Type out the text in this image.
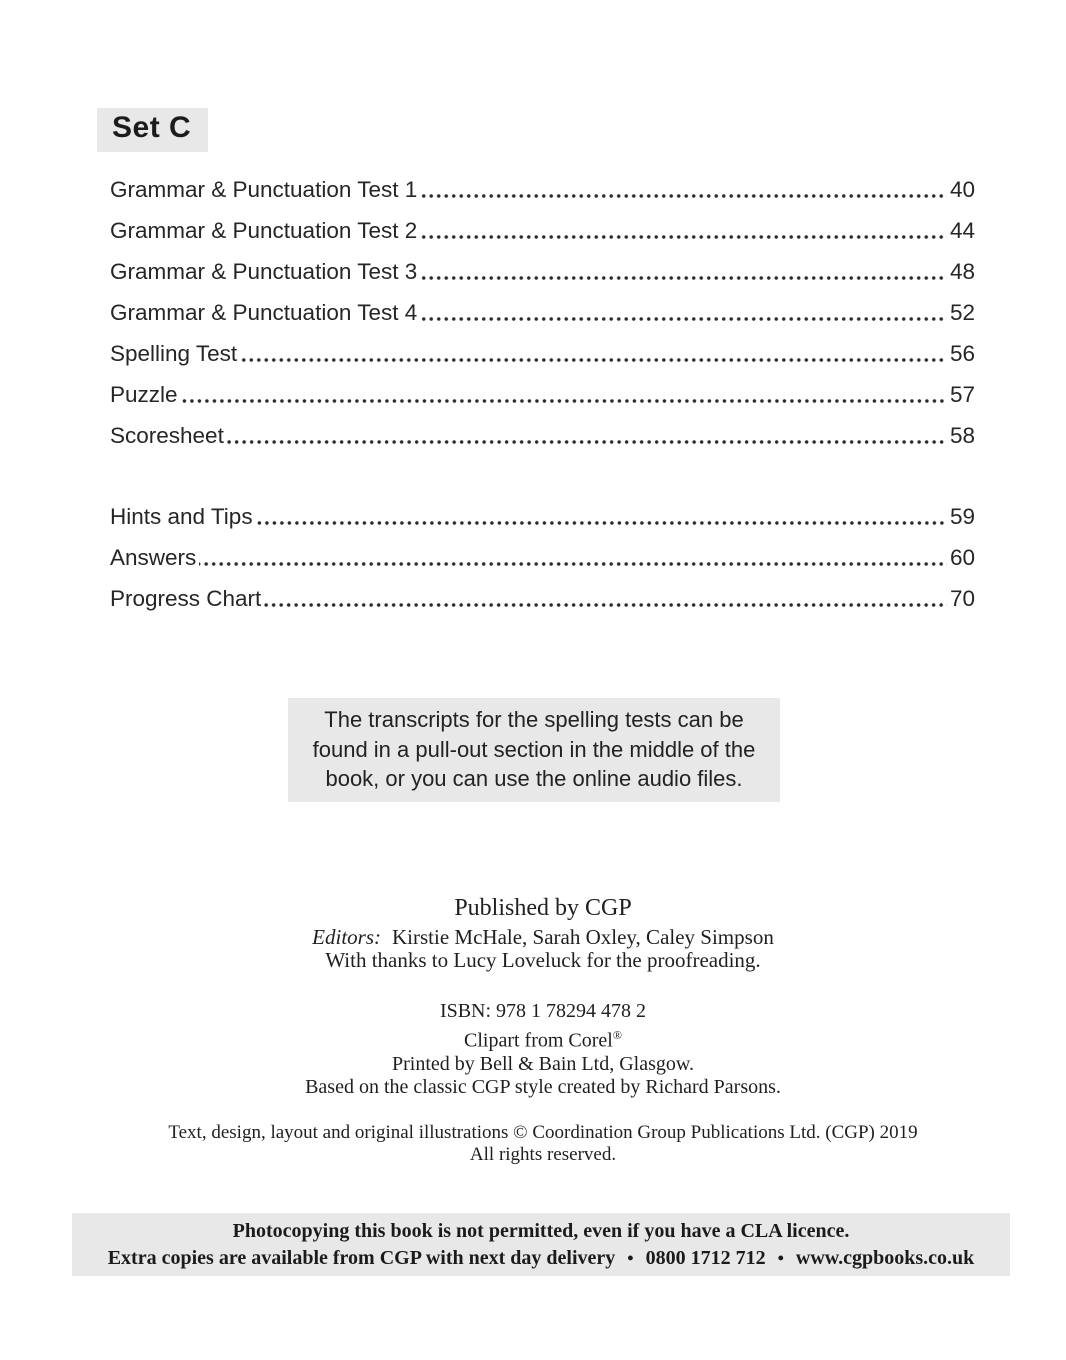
Set C
Grammar & Punctuation Test 1	40
Grammar & Punctuation Test 2	44
Grammar & Punctuation Test 3	48
Grammar & Punctuation Test 4	52
Spelling Test	56
Puzzle	57
Scoresheet	58
Hints and Tips	59
Answers	60
Progress Chart	70
The transcripts for the spelling tests can be
found in a pull-out section in the middle of the
book, or you can use the online audio files.
Published by CGP
Editors: Kirstie McHale, Sarah Oxley, Caley Simpson
With thanks to Lucy Loveluck for the proofreading.
ISBN: 978 1 78294 478 2
Clipart from Corel®
Printed by Bell & Bain Ltd, Glasgow.
Based on the classic CGP style created by Richard Parsons.
Text, design, layout and original illustrations © Coordination Group Publications Ltd. (CGP) 2019
All rights reserved.
Photocopying this book is not permitted, even if you have a CLA licence.
Extra copies are available from CGP with next day delivery • 0800 1712 712 • www.cgpbooks.co.uk
